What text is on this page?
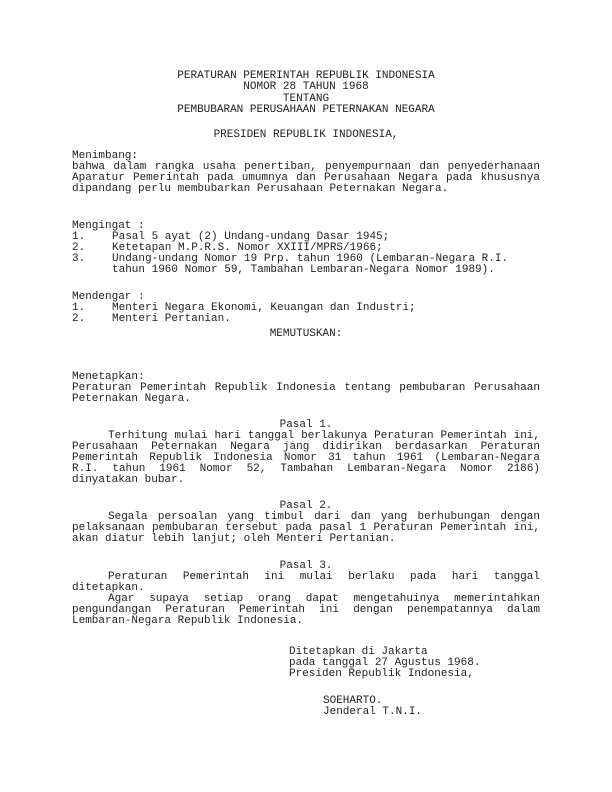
PERATURAN PEMERINTAH REPUBLIK INDONESIA
NOMOR 28 TAHUN 1968
TENTANG
PEMBUBARAN PERUSAHAAN PETERNAKAN NEGARA
PRESIDEN REPUBLIK INDONESIA,
Menimbang:
bahwa dalam rangka usaha penertiban, penyempurnaan dan penyederhanaan Aparatur Pemerintah pada umumnya dan Perusahaan Negara pada khususnya dipandang perlu membubarkan Perusahaan Peternakan Negara.
Mengingat :
1. Pasal 5 ayat (2) Undang-undang Dasar 1945;
2. Ketetapan M.P.R.S. Nomor XXIII/MPRS/1966;
3. Undang-undang Nomor 19 Prp. tahun 1960 (Lembaran-Negara R.I. tahun 1960 Nomor 59, Tambahan Lembaran-Negara Nomor 1989).
Mendengar :
1. Menteri Negara Ekonomi, Keuangan dan Industri;
2. Menteri Pertanian.
MEMUTUSKAN:
Menetapkan:
Peraturan Pemerintah Republik Indonesia tentang pembubaran Perusahaan Peternakan Negara.
Pasal 1.
Terhitung mulai hari tanggal berlakunya Peraturan Pemerintah ini, Perusahaan Peternakan Negara jang didirikan berdasarkan Peraturan Pemerintah Republik Indonesia Nomor 31 tahun 1961 (Lembaran-Negara R.I. tahun 1961 Nomor 52, Tambahan Lembaran-Negara Nomor 2186) dinyatakan bubar.
Pasal 2.
Segala persoalan yang timbul dari dan yang berhubungan dengan pelaksanaan pembubaran tersebut pada pasal 1 Peraturan Pemerintah ini, akan diatur lebih lanjut; oleh Menteri Pertanian.
Pasal 3.
Peraturan Pemerintah ini mulai berlaku pada hari tanggal ditetapkan.
Agar supaya setiap orang dapat mengetahuinya memerintahkan pengundangan Peraturan Pemerintah ini dengan penempatannya dalam Lembaran-Negara Republik Indonesia.
Ditetapkan di Jakarta
pada tanggal 27 Agustus 1968.
Presiden Republik Indonesia,
SOEHARTO.
Jenderal T.N.I.
